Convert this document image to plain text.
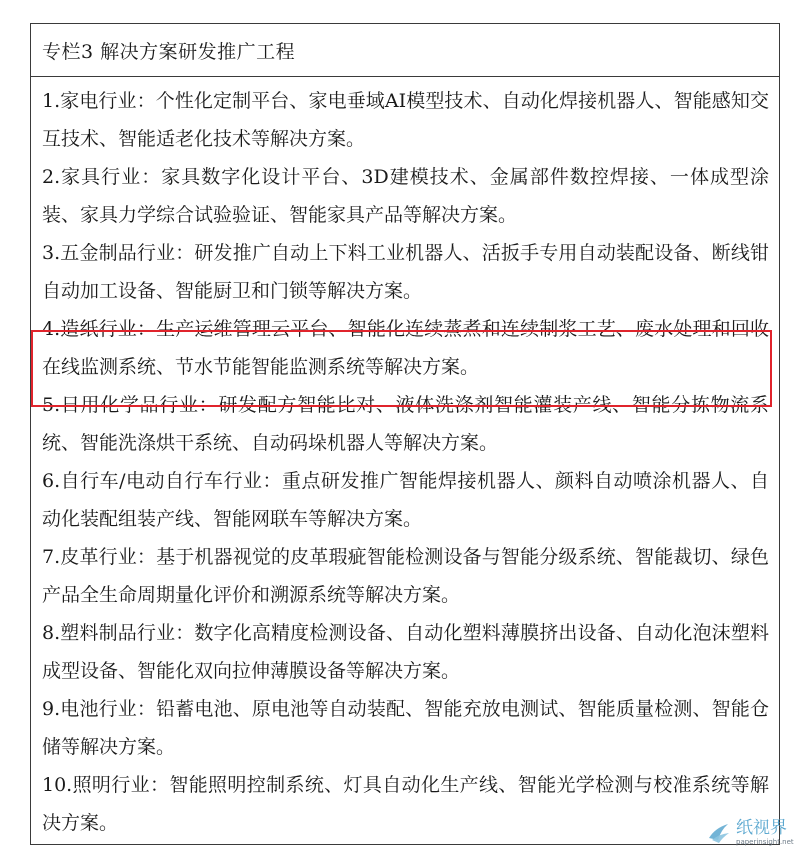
专栏3 解决方案研发推广工程

1.家电行业：个性化定制平台、家电垂域AI模型技术、自动化焊接机器人、智能感知交互技术、智能适老化技术等解决方案。

2.家具行业：家具数字化设计平台、3D建模技术、金属部件数控焊接、一体成型涂装、家具力学综合试验验证、智能家具产品等解决方案。

3.五金制品行业：研发推广自动上下料工业机器人、活扳手专用自动装配设备、断线钳自动加工设备、智能厨卫和门锁等解决方案。

4.造纸行业：生产运维管理云平台、智能化连续蒸煮和连续制浆工艺、废水处理和回收在线监测系统、节水节能智能监测系统等解决方案。

5.日用化学品行业：研发配方智能比对、液体洗涤剂智能灌装产线、智能分拣物流系统、智能洗涤烘干系统、自动码垛机器人等解决方案。

6.自行车/电动自行车行业：重点研发推广智能焊接机器人、颜料自动喷涂机器人、自动化装配组装产线、智能网联车等解决方案。

7.皮革行业：基于机器视觉的皮革瑕疵智能检测设备与智能分级系统、智能裁切、绿色产品全生命周期量化评价和溯源系统等解决方案。

8.塑料制品行业：数字化高精度检测设备、自动化塑料薄膜挤出设备、自动化泡沫塑料成型设备、智能化双向拉伸薄膜设备等解决方案。

9.电池行业：铅蓄电池、原电池等自动装配、智能充放电测试、智能质量检测、智能仓储等解决方案。

10.照明行业：智能照明控制系统、灯具自动化生产线、智能光学检测与校准系统等解决方案。	纸视界
paperinsight.net
